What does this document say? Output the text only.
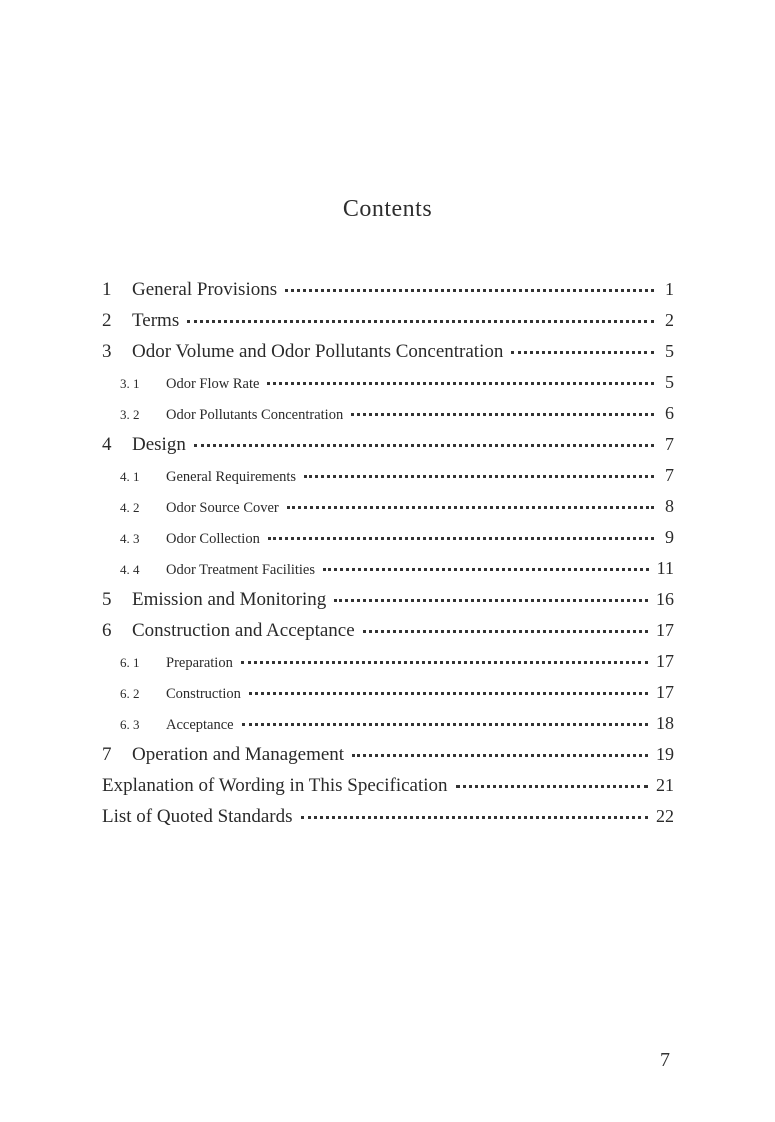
Contents
1	General Provisions	1
2	Terms	2
3	Odor Volume and Odor Pollutants Concentration	5
3. 1	Odor Flow Rate	5
3. 2	Odor Pollutants Concentration	6
4	Design	7
4. 1	General Requirements	7
4. 2	Odor Source Cover	8
4. 3	Odor Collection	9
4. 4	Odor Treatment Facilities	11
5	Emission and Monitoring	16
6	Construction and Acceptance	17
6. 1	Preparation	17
6. 2	Construction	17
6. 3	Acceptance	18
7	Operation and Management	19
Explanation of Wording in This Specification	21
List of Quoted Standards	22
7
